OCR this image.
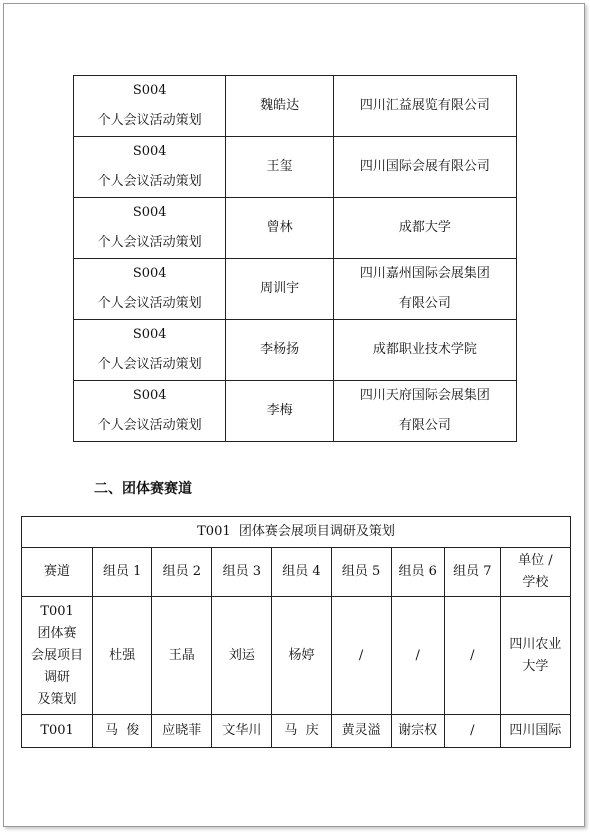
S004
个人会议活动策划	魏皓达	四川汇益展览有限公司
S004
个人会议活动策划	王玺	四川国际会展有限公司
S004
个人会议活动策划	曾林	成都大学
S004
个人会议活动策划	周训宇	四川嘉州国际会展集团
有限公司
S004
个人会议活动策划	李杨扬	成都职业技术学院
S004
个人会议活动策划	李梅	四川天府国际会展集团
有限公司
二、团体赛赛道
T001  团体赛会展项目调研及策划								
赛道	组员 1	组员 2	组员 3	组员 4	组员 5	组员 6	组员 7	单位 /
学校
T001
团体赛
会展项目
调研
及策划	杜强	王晶	刘运	杨婷	/	/	/	四川农业
大学
T001	马  俊	应晓菲	文华川	马  庆	黄灵溢	谢宗权	/	四川国际
